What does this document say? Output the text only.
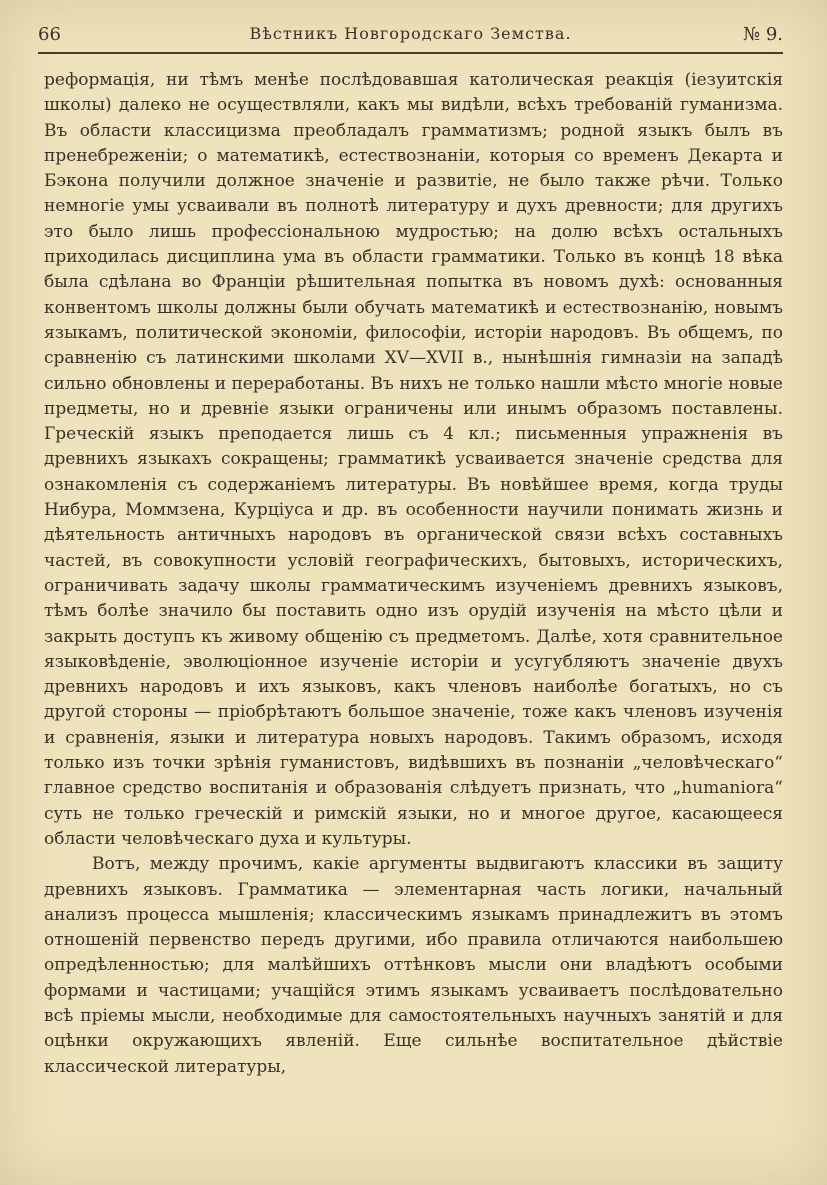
66	Вѣстникъ Новгородскаго Земства.	№ 9.

реформація, ни тѣмъ менѣе послѣдовавшая католическая реакція (іезуитскія школы) далеко не осуществляли, какъ мы видѣли, всѣхъ требованій гуманизма. Въ области классицизма преобладалъ грамматизмъ; родной языкъ былъ въ пренебреженіи; о математикѣ, естествознаніи, которыя со временъ Декарта и Бэкона получили должное значеніе и развитіе, не было также рѣчи. Только немногіе умы усваивали въ полнотѣ литературу и духъ древности; для другихъ это было лишь профессіональною мудростью; на долю всѣхъ остальныхъ приходилась дисциплина ума въ области грамматики. Только въ концѣ 18 вѣка была сдѣлана во Франціи рѣшительная попытка въ новомъ духѣ: основанныя конвентомъ школы должны были обучать математикѣ и естествознанію, новымъ языкамъ, политической экономіи, философіи, исторіи народовъ. Въ общемъ, по сравненію съ латинскими школами XV—XVII в., нынѣшнія гимназіи на западѣ сильно обновлены и переработаны. Въ нихъ не только нашли мѣсто многіе новые предметы, но и древніе языки ограничены или инымъ образомъ поставлены. Греческій языкъ преподается лишь съ 4 кл.; письменныя упражненія въ древнихъ языкахъ сокращены; грамматикѣ усваивается значеніе средства для ознакомленія съ содержаніемъ литературы. Въ новѣйшее время, когда труды Нибура, Моммзена, Курціуса и др. въ особенности научили понимать жизнь и дѣятельность античныхъ народовъ въ органической связи всѣхъ составныхъ частей, въ совокупности условій географическихъ, бытовыхъ, историческихъ, ограничивать задачу школы грамматическимъ изученіемъ древнихъ языковъ, тѣмъ болѣе значило бы поставить одно изъ орудій изученія на мѣсто цѣли и закрыть доступъ къ живому общенію съ предметомъ. Далѣе, хотя сравнительное языковѣденіе, эволюціонное изученіе исторіи и усугубляютъ значеніе двухъ древнихъ народовъ и ихъ языковъ, какъ членовъ наиболѣе богатыхъ, но съ другой стороны — пріобрѣтаютъ большое значеніе, тоже какъ членовъ изученія и сравненія, языки и литература новыхъ народовъ. Такимъ образомъ, исходя только изъ точки зрѣнія гуманистовъ, видѣвшихъ въ познаніи „человѣческаго“ главное средство воспитанія и образованія слѣдуетъ признать, что „humaniora“ суть не только греческій и римскій языки, но и многое другое, касающееся области человѣческаго духа и культуры.

Вотъ, между прочимъ, какіе аргументы выдвигаютъ классики въ защиту древнихъ языковъ. Грамматика — элементарная часть логики, начальный анализъ процесса мышленія; классическимъ языкамъ принадлежитъ въ этомъ отношеній первенство передъ другими, ибо правила отличаются наибольшею опредѣленностью; для малѣйшихъ оттѣнковъ мысли они владѣютъ особыми формами и частицами; учащійся этимъ языкамъ усваиваетъ послѣдовательно всѣ пріемы мысли, необходимые для самостоятельныхъ научныхъ занятій и для оцѣнки окружающихъ явленій. Еще сильнѣе воспитательное дѣйствіе классической литературы,
